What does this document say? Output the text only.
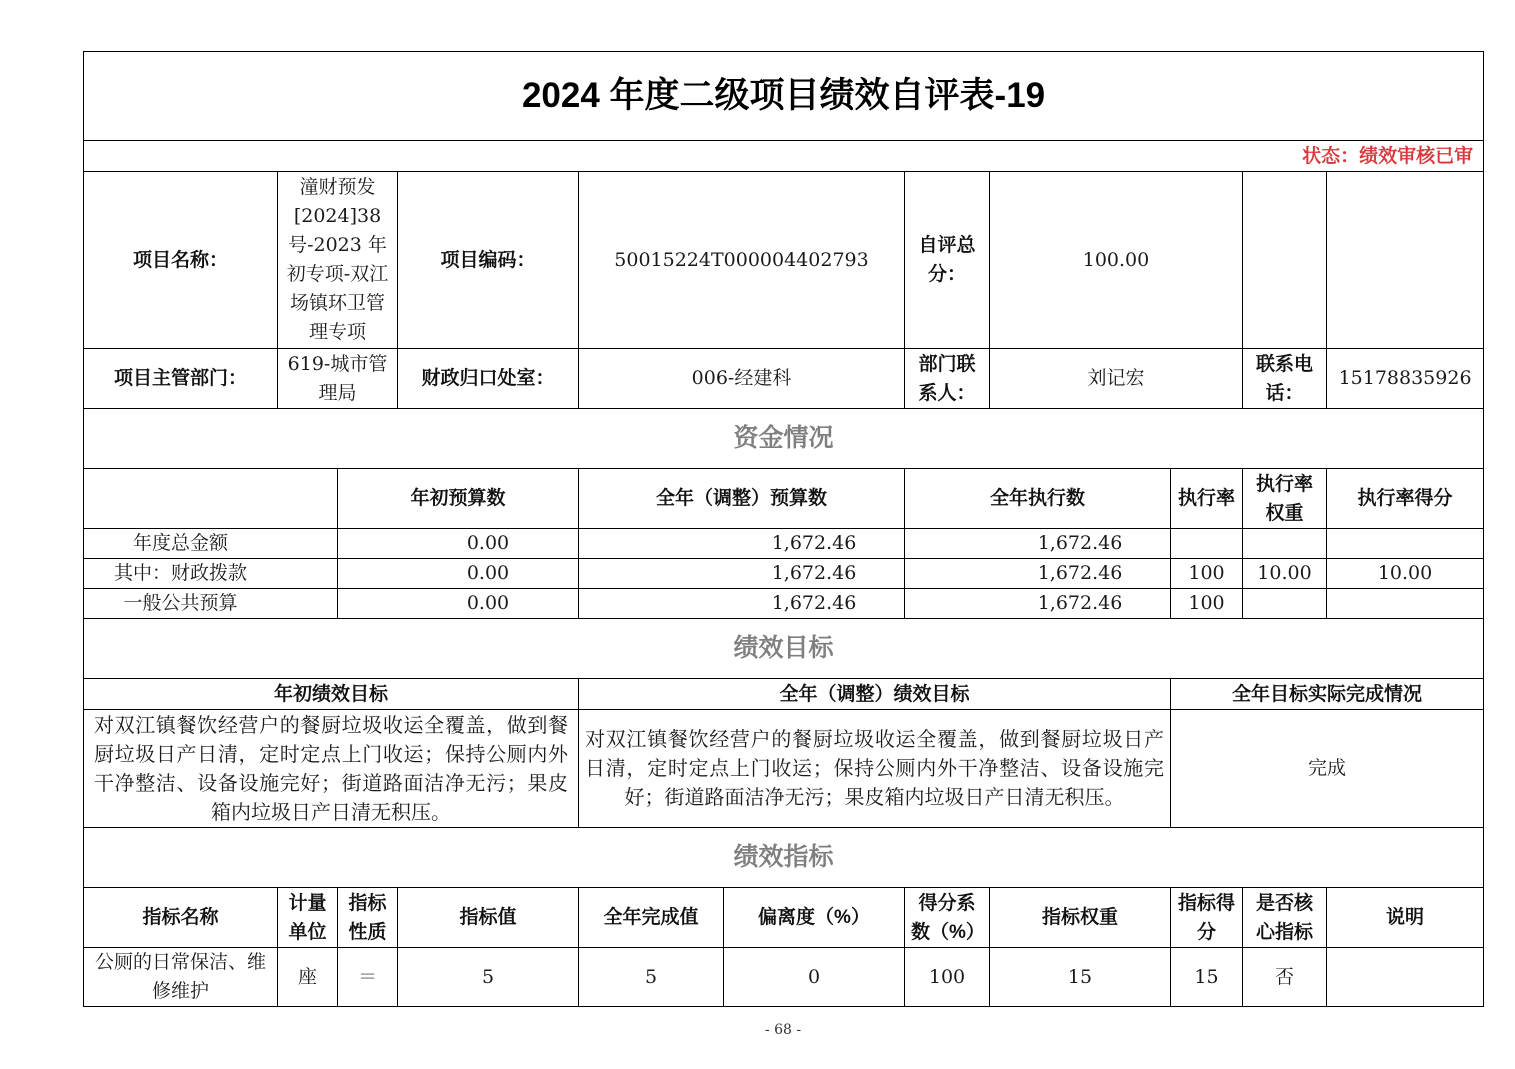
2024 年度二级项目绩效自评表-19										
状态：绩效审核已审										
项目名称：	潼财预发[2024]38号-2023 年初专项-双江场镇环卫管理专项		项目编码：	50015224T000004402793		自评总分：	100.00			
项目主管部门：	619-城市管理局		财政归口处室：	006-经建科		部门联系人：	刘记宏		联系电话：	15178835926
资金情况										
		年初预算数		全年（调整）预算数		全年执行数		执行率	执行率权重	执行率得分
年度总金额		0.00		1,672.46		1,672.46				
其中：财政拨款		0.00		1,672.46		1,672.46		100	10.00	10.00
一般公共预算		0.00		1,672.46		1,672.46		100		
绩效目标										
年初绩效目标				全年（调整）绩效目标				全年目标实际完成情况		
对双江镇餐饮经营户的餐厨垃圾收运全覆盖，做到餐厨垃圾日产日清，定时定点上门收运；保持公厕内外干净整洁、设备设施完好；街道路面洁净无污；果皮箱内垃圾日产日清无积压。				对双江镇餐饮经营户的餐厨垃圾收运全覆盖，做到餐厨垃圾日产日清，定时定点上门收运；保持公厕内外干净整洁、设备设施完好；街道路面洁净无污；果皮箱内垃圾日产日清无积压。				完成		
绩效指标										
指标名称	计量单位	指标性质	指标值	全年完成值	偏离度（%）	得分系数（%）	指标权重	指标得分	是否核心指标	说明
公厕的日常保洁、维修维护	座	＝	5	5	0	100	15	15	否	
- 68 -
